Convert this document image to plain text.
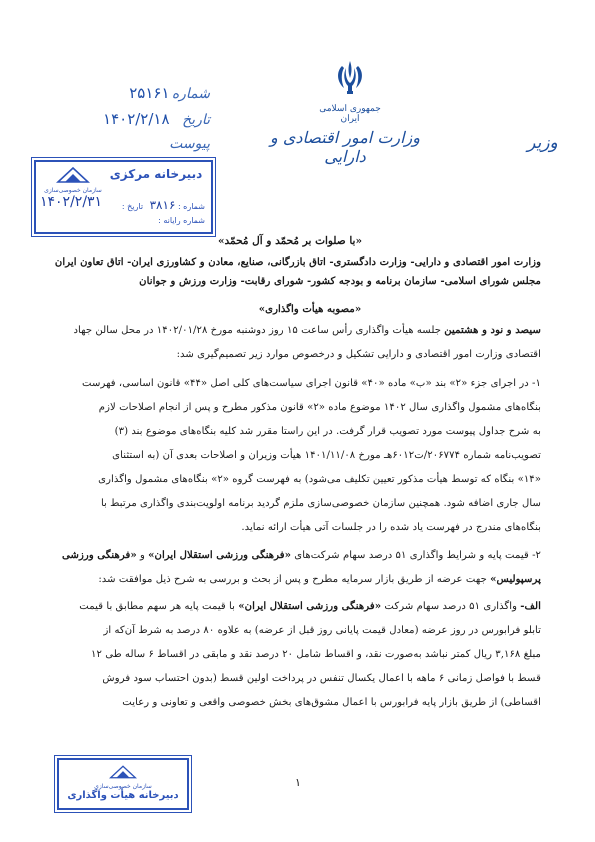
جمهوری اسلامی ایران
وزارت امور اقتصادی و دارایی
وزیر
شماره ۲۵۱۶۱
تاریخ ۱۴۰۲/۲/۱۸
پیوست
دبیرخانه مرکزی
سازمان خصوصی‌سازی
شماره : ۳۸۱۶ تاریخ :
۱۴۰۲/۲/۳۱
شماره رایانه :
«با صلوات بر مُحمّد و آل مُحمّد»
وزارت امور اقتصادی و دارایی- وزارت دادگستری- اتاق بازرگانی، صنایع، معادن و کشاورزی ایران- اتاق تعاون ایران
مجلس شورای اسلامی- سازمان برنامه و بودجه کشور- شورای رقابت- وزارت ورزش و جوانان
«مصوبه هیأت واگذاری»
سیصد و نود و هشتمین جلسه هیأت واگذاری رأس ساعت ۱۵ روز دوشنبه مورخ ۱۴۰۲/۰۱/۲۸ در محل سالن جهاد
اقتصادی وزارت امور اقتصادی و دارایی تشکیل و درخصوص موارد زیر تصمیم‌گیری شد:
۱- در اجرای جزء «۲» بند «ب» ماده «۴۰» قانون اجرای سیاست‌های کلی اصل «۴۴» قانون اساسی، فهرست
بنگاه‌های مشمول واگذاری سال ۱۴۰۲ موضوع ماده «۲» قانون مذکور مطرح و پس از انجام اصلاحات لازم
به شرح جداول پیوست مورد تصویب قرار گرفت. در این راستا مقرر شد کلیه بنگاه‌های موضوع بند (۳)
تصویب‌نامه شماره ۲۰۶۷۷۴/ت۶۰۱۲هـ مورخ ۱۴۰۱/۱۱/۰۸ هیأت وزیران و اصلاحات بعدی آن (به استثنای
«۱۴» بنگاه که توسط هیأت مذکور تعیین تکلیف می‌شود) به فهرست گروه «۲» بنگاه‌های مشمول واگذاری
سال جاری اضافه شود. همچنین سازمان خصوصی‌سازی ملزم گردید برنامه اولویت‌بندی واگذاری مرتبط با
بنگاه‌های مندرج در فهرست یاد شده را در جلسات آتی هیأت ارائه نماید.
۲- قیمت پایه و شرایط واگذاری ۵۱ درصد سهام شرکت‌های «فرهنگی ورزشی استقلال ایران» و «فرهنگی ورزشی
پرسپولیس» جهت عرضه از طریق بازار سرمایه مطرح و پس از بحث و بررسی به شرح ذیل موافقت شد:
الف- واگذاری ۵۱ درصد سهام شرکت «فرهنگی ورزشی استقلال ایران» با قیمت پایه هر سهم مطابق با قیمت
تابلو فرابورس در روز عرضه (معادل قیمت پایانی روز قبل از عرضه) به علاوه ۸۰ درصد به شرط آن‌که از
مبلغ ۳,۱۶۸ ریال کمتر نباشد به‌صورت نقد، و اقساط شامل ۲۰ درصد نقد و مابقی در اقساط ۶ ساله طی ۱۲
قسط با فواصل زمانی ۶ ماهه با اعمال یکسال تنفس در پرداخت اولین قسط (بدون احتساب سود فروش
اقساطی) از طریق بازار پایه فرابورس با اعمال مشوق‌های بخش خصوصی واقعی و تعاونی و رعایت
۱
سازمان خصوصی‌سازی
دبیرخانه هیأت واگذاری
